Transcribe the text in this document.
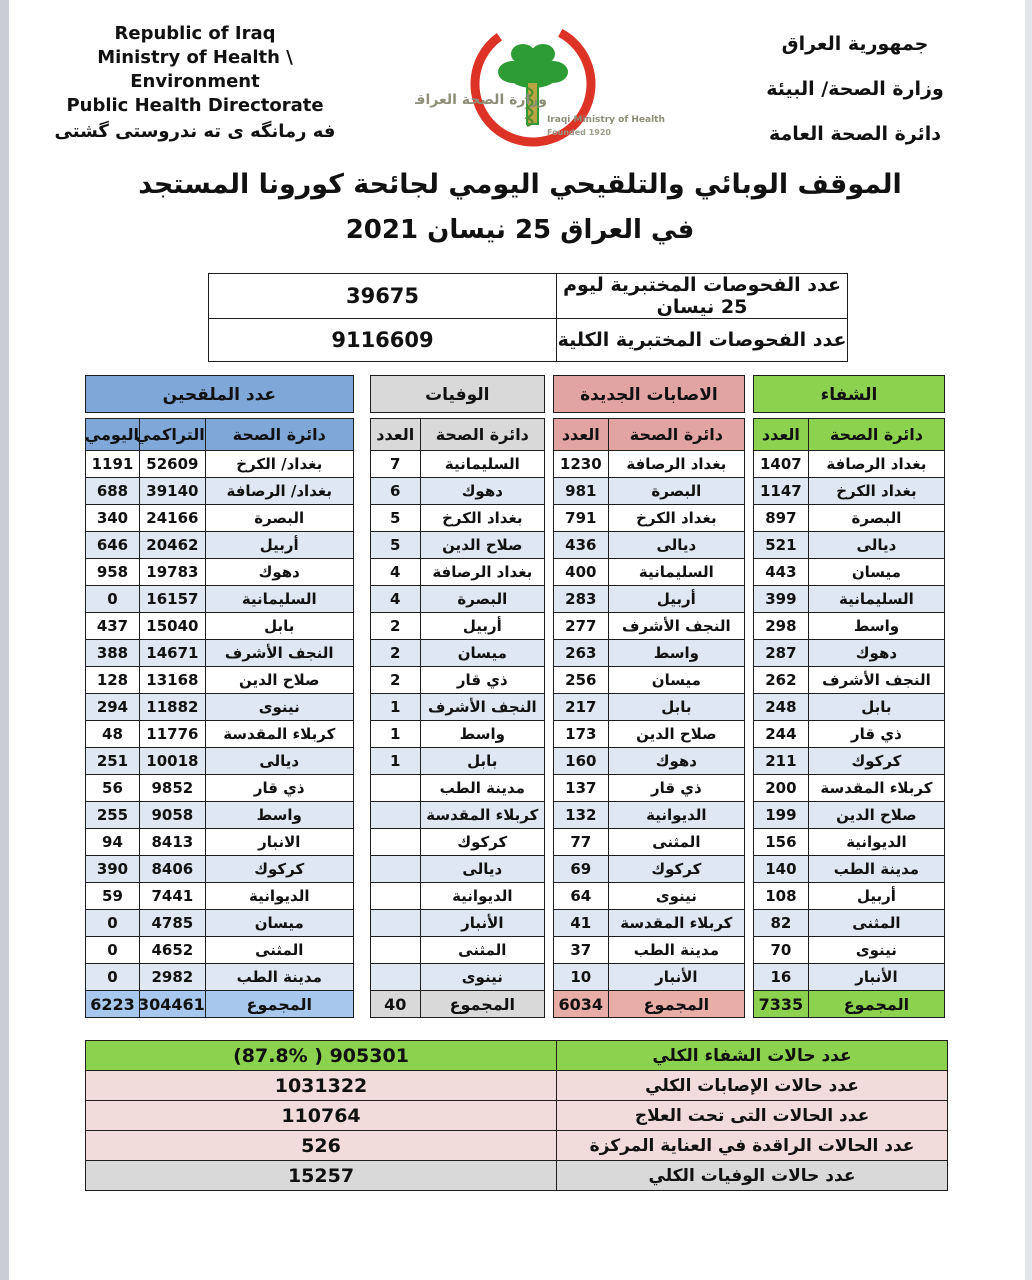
Republic of Iraq
Ministry of Health \ Environment
Public Health Directorate
فه رمانگه ی ته ندروستی گشتی
وزارة الصحة العراقية
Iraqi Ministry of Health
Founded 1920
جمهورية العراق
وزارة الصحة/ البيئة
دائرة الصحة العامة
الموقف الوبائي والتلقيحي اليومي لجائحة كورونا المستجد
في العراق 25 نيسان 2021
عدد الفحوصات المختبرية ليوم 25 نيسان	39675
عدد الفحوصات المختبرية الكلية	9116609
عدد الملقحين
دائرة الصحة	التراكمي	اليومي
بغداد/ الكرخ	52609	1191
بغداد/ الرصافة	39140	688
البصرة	24166	340
أربيل	20462	646
دهوك	19783	958
السليمانية	16157	0
بابل	15040	437
النجف الأشرف	14671	388
صلاح الدين	13168	128
نينوى	11882	294
كربلاء المقدسة	11776	48
ديالى	10018	251
ذي قار	9852	56
واسط	9058	255
الانبار	8413	94
كركوك	8406	390
الديوانية	7441	59
ميسان	4785	0
المثنى	4652	0
مدينة الطب	2982	0
المجموع	304461	6223
الوفيات
دائرة الصحة	العدد
السليمانية	7
دهوك	6
بغداد الكرخ	5
صلاح الدين	5
بغداد الرصافة	4
البصرة	4
أربيل	2
ميسان	2
ذي قار	2
النجف الأشرف	1
واسط	1
بابل	1
مدينة الطب	
كربلاء المقدسة	
كركوك	
ديالى	
الديوانية	
الأنبار	
المثنى	
نينوى	
المجموع	40
الاصابات الجديدة
دائرة الصحة	العدد
بغداد الرصافة	1230
البصرة	981
بغداد الكرخ	791
ديالى	436
السليمانية	400
أربيل	283
النجف الأشرف	277
واسط	263
ميسان	256
بابل	217
صلاح الدين	173
دهوك	160
ذي قار	137
الديوانية	132
المثنى	77
كركوك	69
نينوى	64
كربلاء المقدسة	41
مدينة الطب	37
الأنبار	10
المجموع	6034
الشفاء
دائرة الصحة	العدد
بغداد الرصافة	1407
بغداد الكرخ	1147
البصرة	897
ديالى	521
ميسان	443
السليمانية	399
واسط	298
دهوك	287
النجف الأشرف	262
بابل	248
ذي قار	244
كركوك	211
كربلاء المقدسة	200
صلاح الدين	199
الديوانية	156
مدينة الطب	140
أربيل	108
المثنى	82
نينوى	70
الأنبار	16
المجموع	7335
عدد حالات الشفاء الكلي	(87.8% ) 905301
عدد حالات الإصابات الكلي	1031322
عدد الحالات التى تحت العلاج	110764
عدد الحالات الراقدة في العناية المركزة	526
عدد حالات الوفيات الكلي	15257
